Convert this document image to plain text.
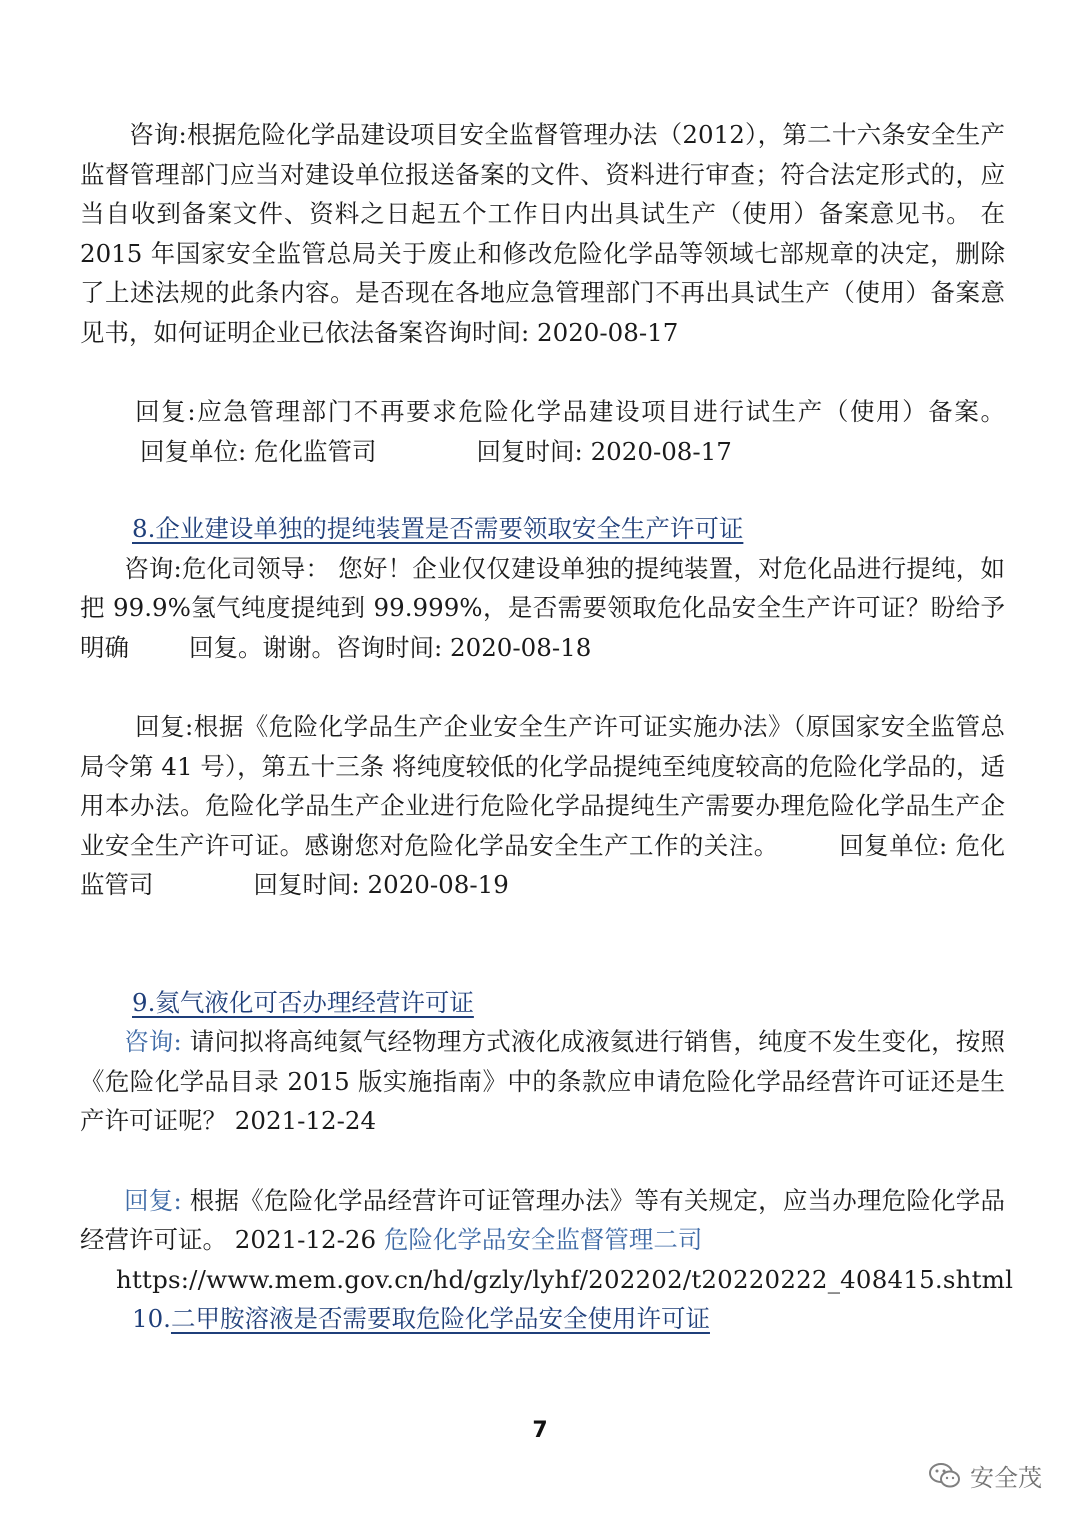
咨询:根据危险化学品建设项目安全监督管理办法（2012），第二十六条安全生产监督管理部门应当对建设单位报送备案的文件、资料进行审查；符合法定形式的，应当自收到备案文件、资料之日起五个工作日内出具试生产（使用）备案意见书。 在 2015 年国家安全监管总局关于废止和修改危险化学品等领域七部规章的决定，删除了上述法规的此条内容。是否现在各地应急管理部门不再出具试生产（使用）备案意见书，如何证明企业已依法备案咨询时间: 2020-08-17

回复:应急管理部门不再要求危险化学品建设项目进行试生产（使用）备案。回复单位: 危化监管司	回复时间: 2020-08-17

8.企业建设单独的提纯装置是否需要领取安全生产许可证

咨询:危化司领导： 您好！企业仅仅建设单独的提纯装置，对危化品进行提纯，如把 99.9%氢气纯度提纯到 99.999%，是否需要领取危化品安全生产许可证？盼给予明确 回复。谢谢。咨询时间: 2020-08-18

回复:根据《危险化学品生产企业安全生产许可证实施办法》（原国家安全监管总局令第 41 号），第五十三条 将纯度较低的化学品提纯至纯度较高的危险化学品的，适用本办法。危险化学品生产企业进行危险化学品提纯生产需要办理危险化学品生产企业安全生产许可证。感谢您对危险化学品安全生产工作的关注。 回复单位: 危化监管司	回复时间: 2020-08-19

9.氦气液化可否办理经营许可证

咨询: 请问拟将高纯氦气经物理方式液化成液氦进行销售，纯度不发生变化，按照《危险化学品目录 2015 版实施指南》中的条款应申请危险化学品经营许可证还是生产许可证呢？ 2021-12-24

回复: 根据《危险化学品经营许可证管理办法》等有关规定，应当办理危险化学品经营许可证。 2021-12-26 危险化学品安全监督管理二司

https://www.mem.gov.cn/hd/gzly/lyhf/202202/t20220222_408415.shtml

10.二甲胺溶液是否需要取危险化学品安全使用许可证

7
安全茂
